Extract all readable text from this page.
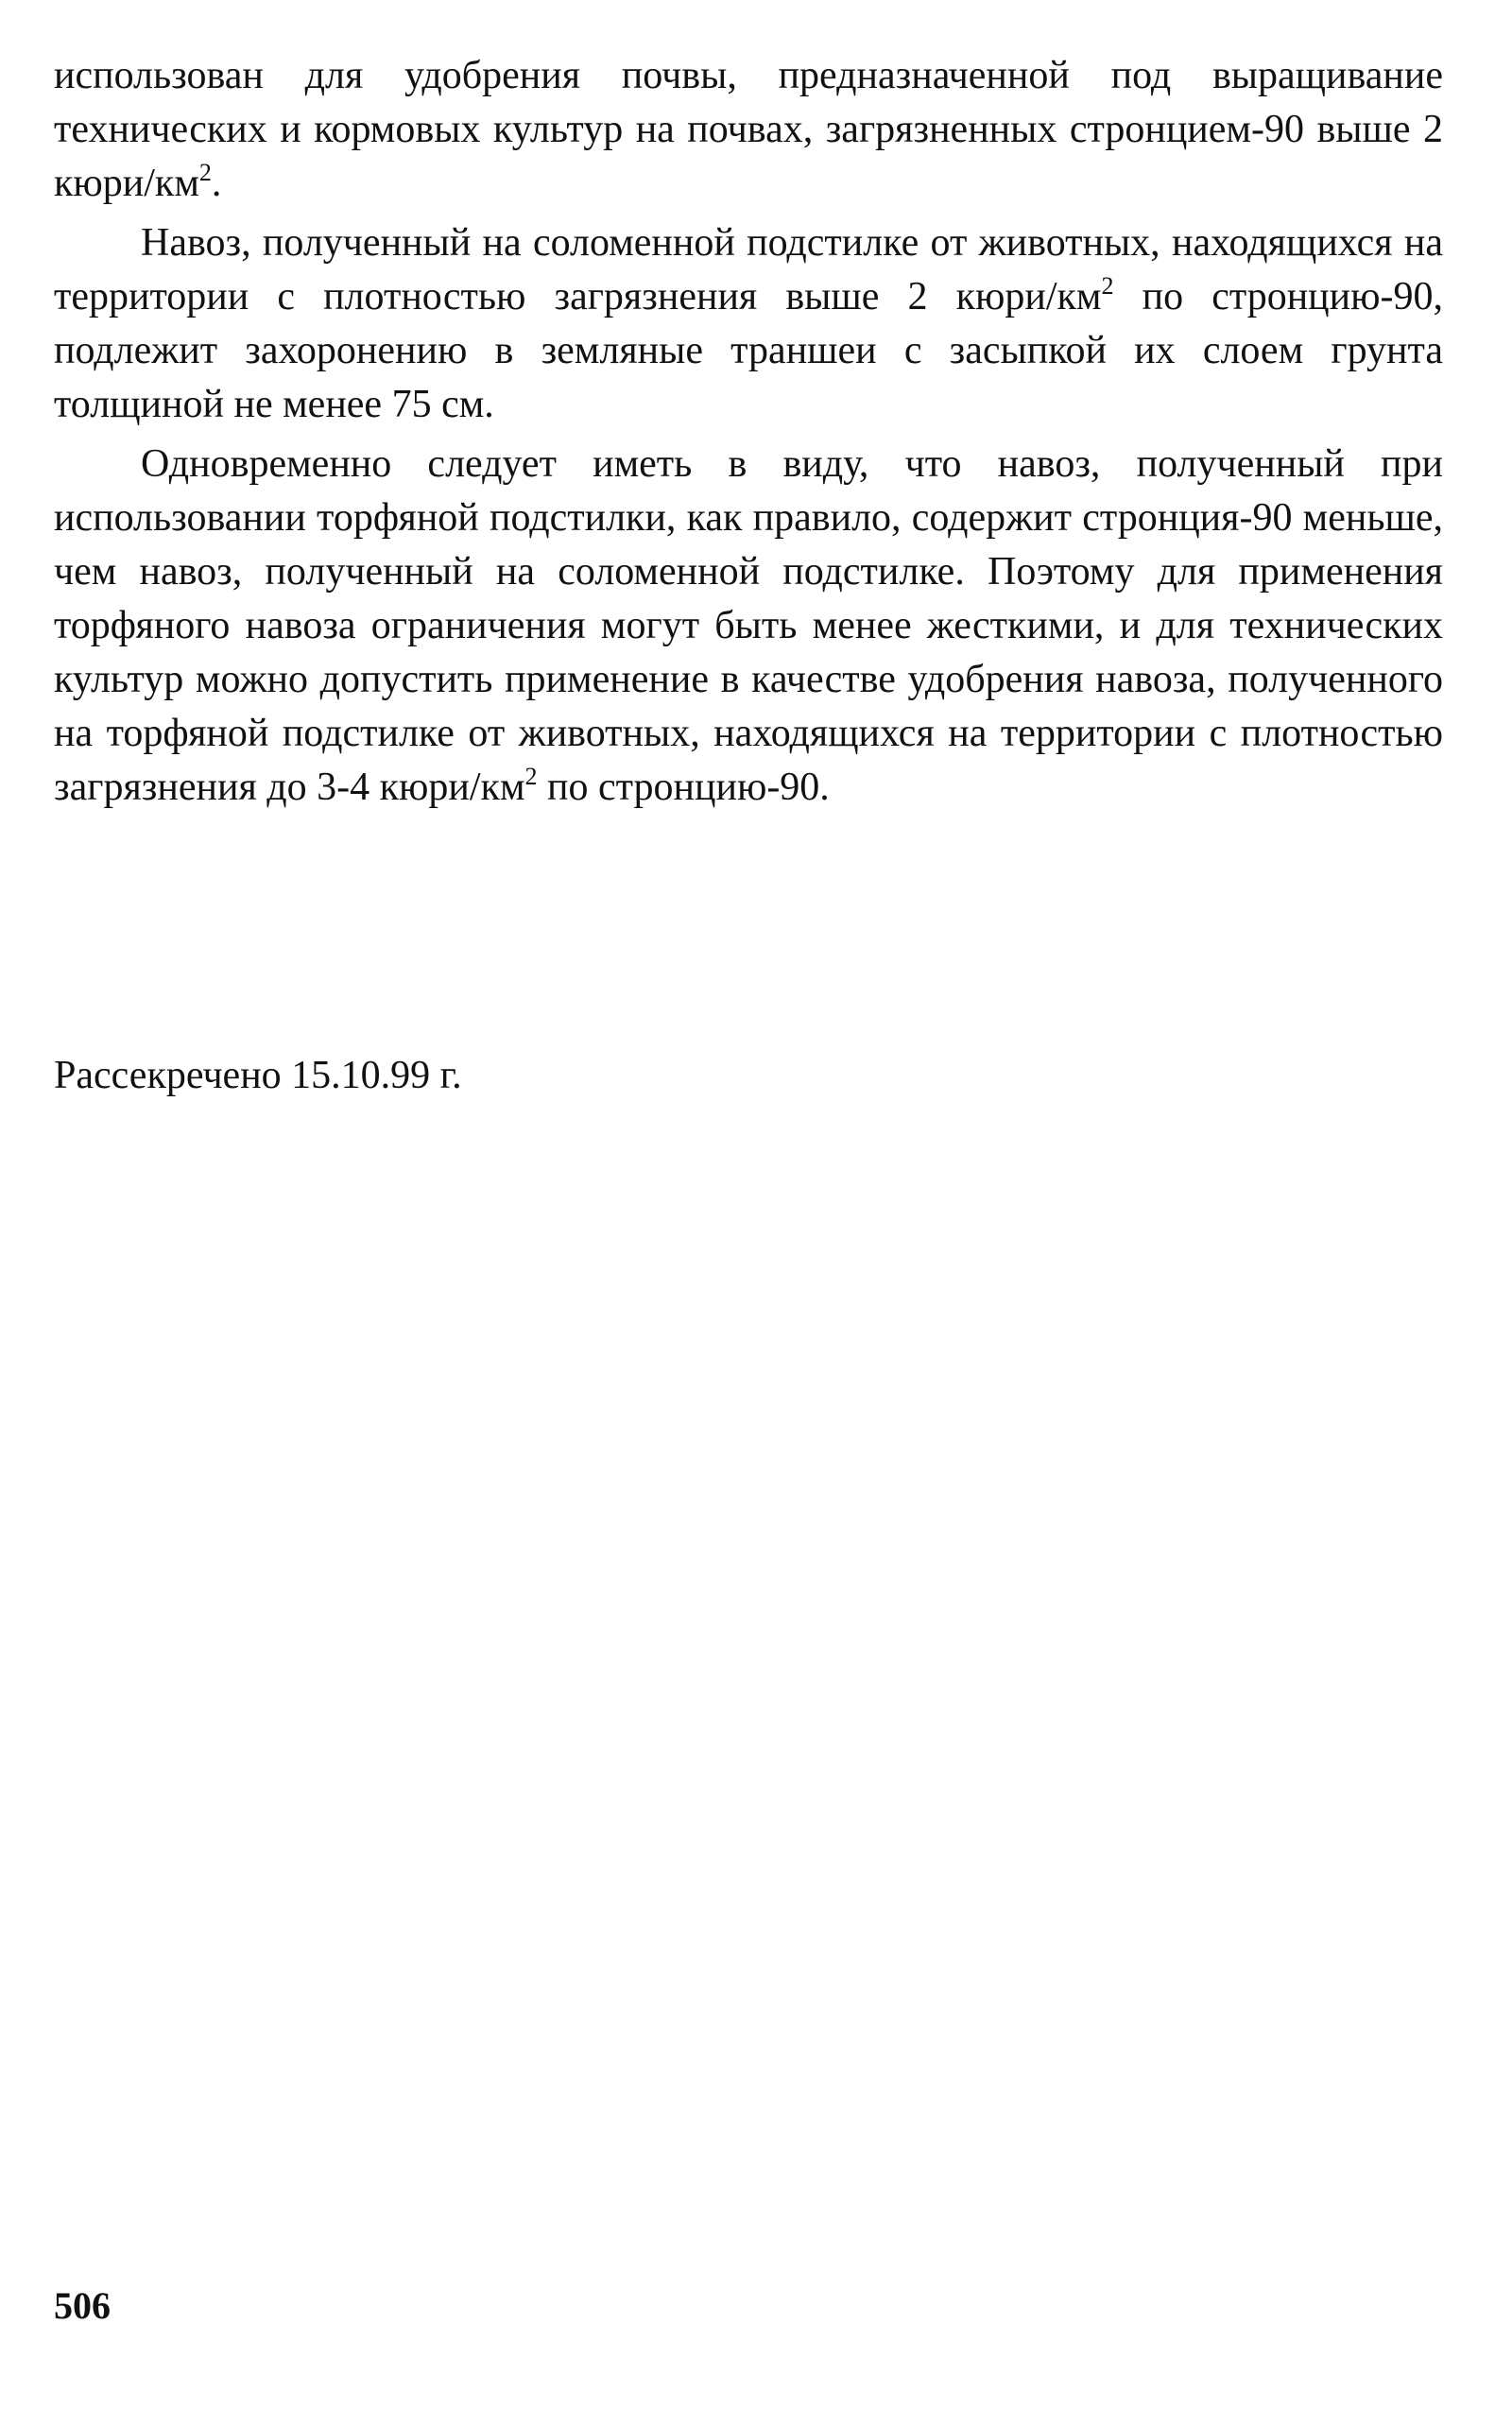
использован для удобрения почвы, предназначенной под выращивание технических и кормовых культур на почвах, загрязненных стронцием-90 выше 2 кюри/$км^2$.

Навоз, полученный на соломенной подстилке от животных, находящихся на территории с плотностью загрязнения выше 2 кюри/$км^2$ по стронцию-90, подлежит захоронению в земляные траншеи с засыпкой их слоем грунта толщиной не менее 75 см.

Одновременно следует иметь в виду, что навоз, полученный при использовании торфяной подстилки, как правило, содержит стронция-90 меньше, чем навоз, полученный на соломенной подстилке. Поэтому для применения торфяного навоза ограничения могут быть менее жесткими, и для технических культур можно допустить применение в качестве удобрения навоза, полученного на торфяной подстилке от животных, находящихся на территории с плотностью загрязнения до 3-4 кюри/$км^2$ по стронцию-90.

Рассекречено 15.10.99 г.
506
